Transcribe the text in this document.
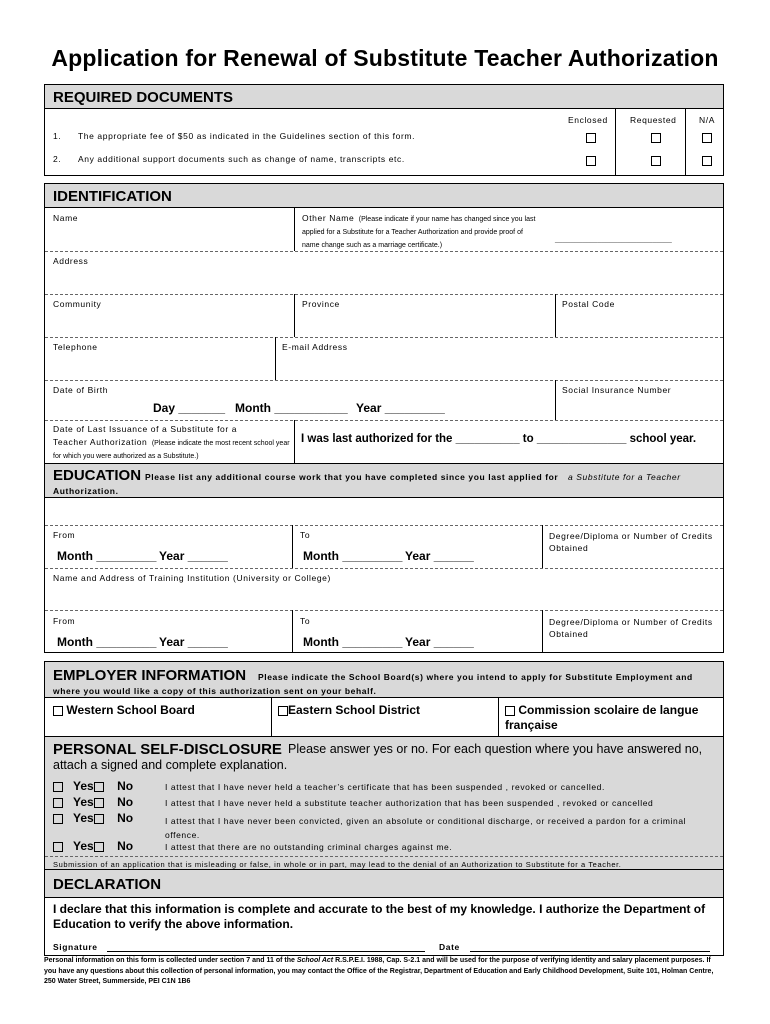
Application for Renewal of Substitute Teacher Authorization
REQUIRED DOCUMENTS
Enclosed	Requested	N/A
1. The appropriate fee of $50 as indicated in the Guidelines section of this form.
2. Any additional support documents such as change of name, transcripts etc.
IDENTIFICATION
Name	Other Name (Please indicate if your name has changed since you last applied for a Substitute for a Teacher Authorization and provide proof of name change such as a marriage certificate.)
______________________________
Address
Community	Province	Postal Code
Telephone	E-mail Address
Date of Birth	Social Insurance Number
Day _______ Month ___________ Year _________
Date of Last Issuance of a Substitute for a
Teacher Authorization (Please indicate the most recent school year for which you were authorized as a Substitute.)
I was last authorized for the __________ to ______________ school year.
EDUCATION Please list any additional course work that you have completed since you last applied for a Substitute for a Teacher
Authorization.
From	To	Degree/Diploma or Number of Credits Obtained
Month _________ Year ______	Month _________ Year ______
Name and Address of Training Institution (University or College)
From	To	Degree/Diploma or Number of Credits Obtained
Month _________ Year ______	Month _________ Year ______
EMPLOYER INFORMATION Please indicate the School Board(s) where you intend to apply for Substitute Employment and
where you would like a copy of this authorization sent on your behalf.
Western School Board	Eastern School District	Commission scolaire de langue française
PERSONAL SELF-DISCLOSURE Please answer yes or no. For each question where you have answered no,
attach a signed and complete explanation.
Yes No	I attest that I have never held a teacher’s certificate that has been suspended , revoked or cancelled.
Yes No	I attest that I have never held a substitute teacher authorization that has been suspended , revoked or cancelled
Yes No	I attest that I have never been convicted, given an absolute or conditional discharge, or received a pardon for a criminal offence.
Yes No	I attest that there are no outstanding criminal charges against me.
Submission of an application that is misleading or false, in whole or in part, may lead to the denial of an Authorization to Substitute for a Teacher.
DECLARATION
I declare that this information is complete and accurate to the best of my knowledge. I authorize the Department of Education to verify the above information.
Signature	Date
Personal information on this form is collected under section 7 and 11 of the School Act R.S.P.E.I. 1988, Cap. S-2.1 and will be used for the purpose of verifying identity and salary placement purposes. If you have any questions about this collection of personal information, you may contact the Office of the Registrar, Department of Education and Early Childhood Development, Suite 101, Holman Centre, 250 Water Street, Summerside, PEI C1N 1B6
